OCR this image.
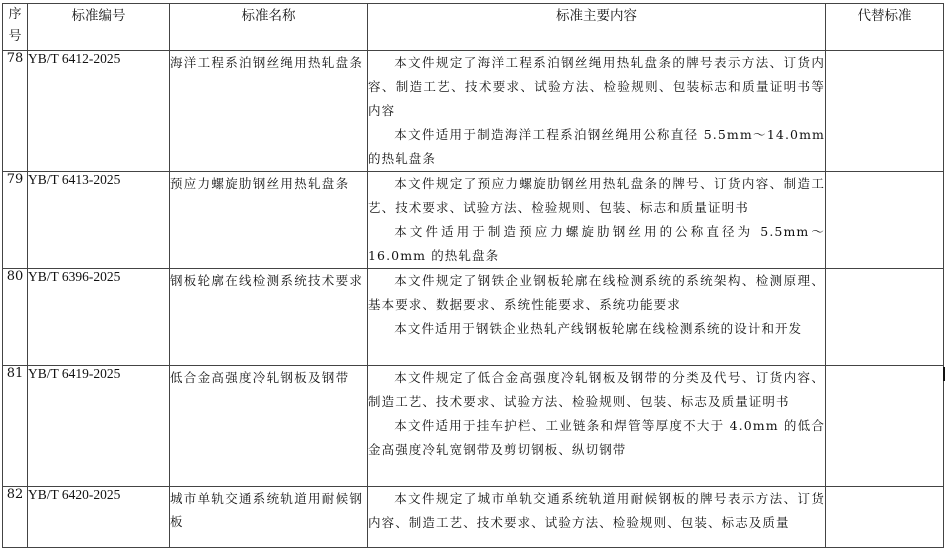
序
号	标准编号	标准名称	标准主要内容	代替标准
78	YB/T 6412-2025	海洋工程系泊钢丝绳用热轧盘条	本文件规定了海洋工程系泊钢丝绳用热轧盘条的牌号表示方法、订货内容、制造工艺、技术要求、试验方法、检验规则、包装标志和质量证明书等内容

本文件适用于制造海洋工程系泊钢丝绳用公称直径 5.5mm～14.0mm 的热轧盘条	

79	YB/T 6413-2025	预应力螺旋肋钢丝用热轧盘条	本文件规定了预应力螺旋肋钢丝用热轧盘条的牌号、订货内容、制造工艺、技术要求、试验方法、检验规则、包装、标志和质量证明书

本文件适用于制造预应力螺旋肋钢丝用的公称直径为 5.5mm～16.0mm 的热轧盘条	

80	YB/T 6396-2025	钢板轮廓在线检测系统技术要求	本文件规定了钢铁企业钢板轮廓在线检测系统的系统架构、检测原理、基本要求、数据要求、系统性能要求、系统功能要求

本文件适用于钢铁企业热轧产线钢板轮廓在线检测系统的设计和开发	

81	YB/T 6419-2025	低合金高强度冷轧钢板及钢带	本文件规定了低合金高强度冷轧钢板及钢带的分类及代号、订货内容、制造工艺、技术要求、试验方法、检验规则、包装、标志及质量证明书

本文件适用于挂车护栏、工业链条和焊管等厚度不大于 4.0mm 的低合金高强度冷轧宽钢带及剪切钢板、纵切钢带	

82	YB/T 6420-2025	城市单轨交通系统轨道用耐候钢板	本文件规定了城市单轨交通系统轨道用耐候钢板的牌号表示方法、订货内容、制造工艺、技术要求、试验方法、检验规则、包装、标志及质量	
